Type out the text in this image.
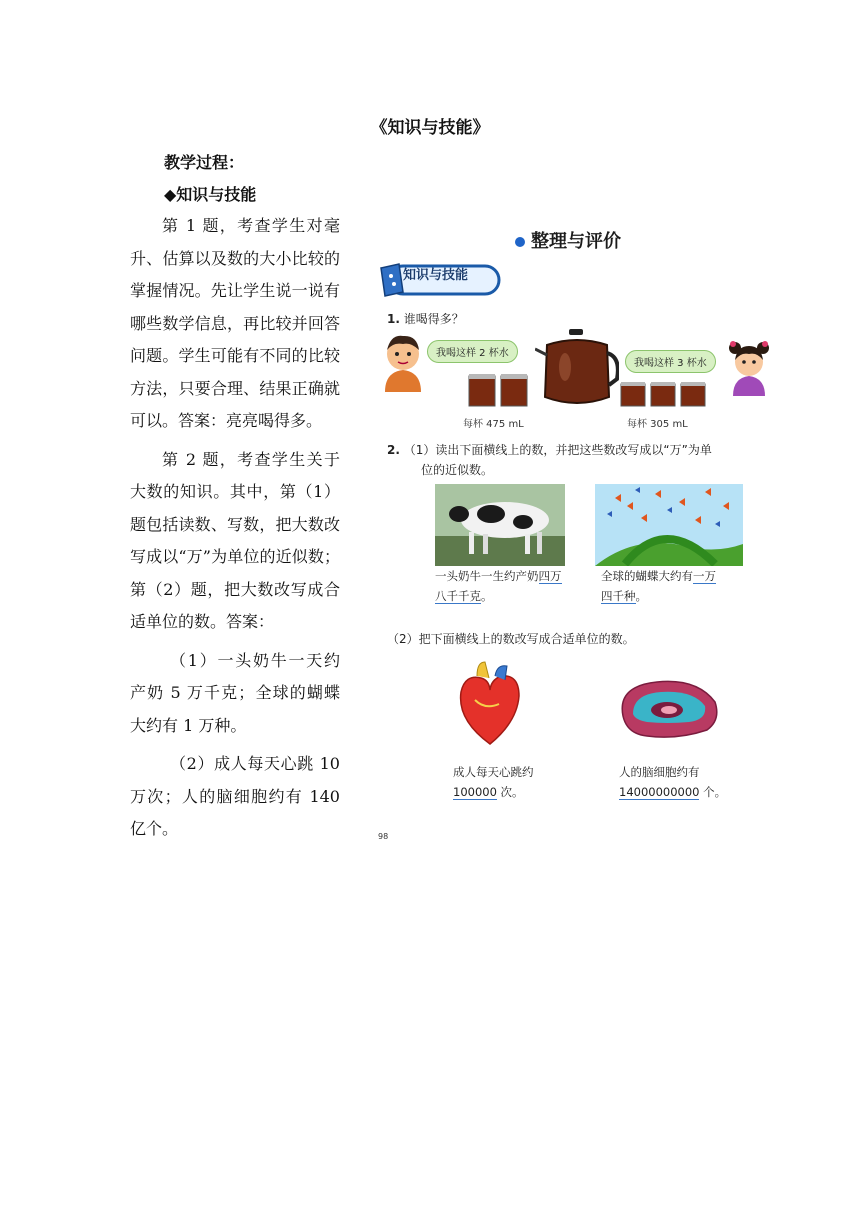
《知识与技能》
教学过程：
◆知识与技能

第 1 题，考查学生对毫升、估算以及数的大小比较的掌握情况。先让学生说一说有哪些数学信息，再比较并回答问题。学生可能有不同的比较方法，只要合理、结果正确就可以。答案：亮亮喝得多。

第 2 题，考查学生关于大数的知识。其中，第（1）题包括读数、写数，把大数改写成以“万”为单位的近似数；第（2）题，把大数改写成合适单位的数。答案：

（1）一头奶牛一天约产奶 5 万千克；全球的蝴蝶大约有 1 万种。

（2）成人每天心跳 10 万次；人的脑细胞约有 140 亿个。

整理与评价
知识与技能
1. 谁喝得多？
我喝这样 2 杯水
每杯 475 mL
我喝这样 3 杯水
每杯 305 mL
2. （1）读出下面横线上的数，并把这些数改写成以“万”为单
位的近似数。
一头奶牛一生约产奶四万八千千克。
全球的蝴蝶大约有一万
四千种。
（2）把下面横线上的数改写成合适单位的数。
成人每天心跳约
100000 次。
人的脑细胞约有
14000000000 个。
98
